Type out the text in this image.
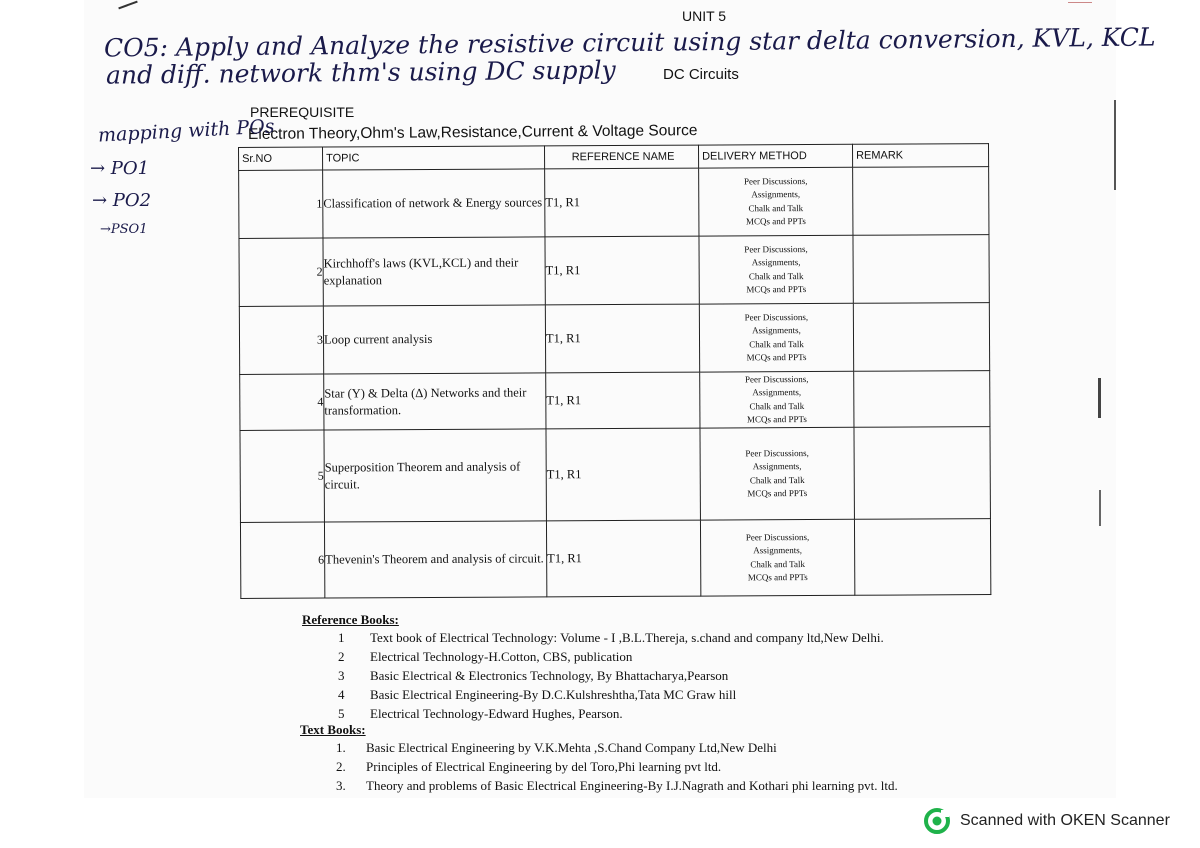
UNIT 5
CO5: Apply and Analyze the resistive circuit using star delta conversion, KVL, KCL
and diff. network thm's using DC supply	DC Circuits
PREREQUISITE
Electron Theory,Ohm's Law,Resistance,Current & Voltage Source
mapping with POs
→ PO1
→ PO2
→PSO1
Sr.NO	TOPIC	REFERENCE NAME	DELIVERY METHOD	REMARK
1	Classification of network & Energy sources	T1, R1	Peer Discussions,
Assignments,
Chalk and Talk
MCQs and PPTs	

2	Kirchhoff's laws (KVL,KCL) and their explanation	T1, R1	Peer Discussions,
Assignments,
Chalk and Talk
MCQs and PPTs	

3	Loop current analysis	T1, R1	Peer Discussions,
Assignments,
Chalk and Talk
MCQs and PPTs	

4	Star (Y) & Delta (Δ) Networks and their transformation.	T1, R1	Peer Discussions,
Assignments,
Chalk and Talk
MCQs and PPTs	

5	Superposition Theorem and analysis of circuit.	T1, R1	Peer Discussions,
Assignments,
Chalk and Talk
MCQs and PPTs	

6	Thevenin's Theorem and analysis of circuit.	T1, R1	Peer Discussions,
Assignments,
Chalk and Talk
MCQs and PPTs	

Reference Books:
1	Text book of Electrical Technology: Volume - I ,B.L.Thereja, s.chand and company ltd,New Delhi.
2	Electrical Technology-H.Cotton, CBS, publication
3	Basic Electrical & Electronics Technology, By Bhattacharya,Pearson
4	Basic Electrical Engineering-By D.C.Kulshreshtha,Tata MC Graw hill
5	Electrical Technology-Edward Hughes, Pearson.
Text Books:
1.	Basic Electrical Engineering by V.K.Mehta ,S.Chand Company Ltd,New Delhi
2.	Principles of Electrical Engineering by del Toro,Phi learning pvt ltd.
3.	Theory and problems of Basic Electrical Engineering-By I.J.Nagrath and Kothari phi learning pvt. ltd.
Scanned with OKEN Scanner
